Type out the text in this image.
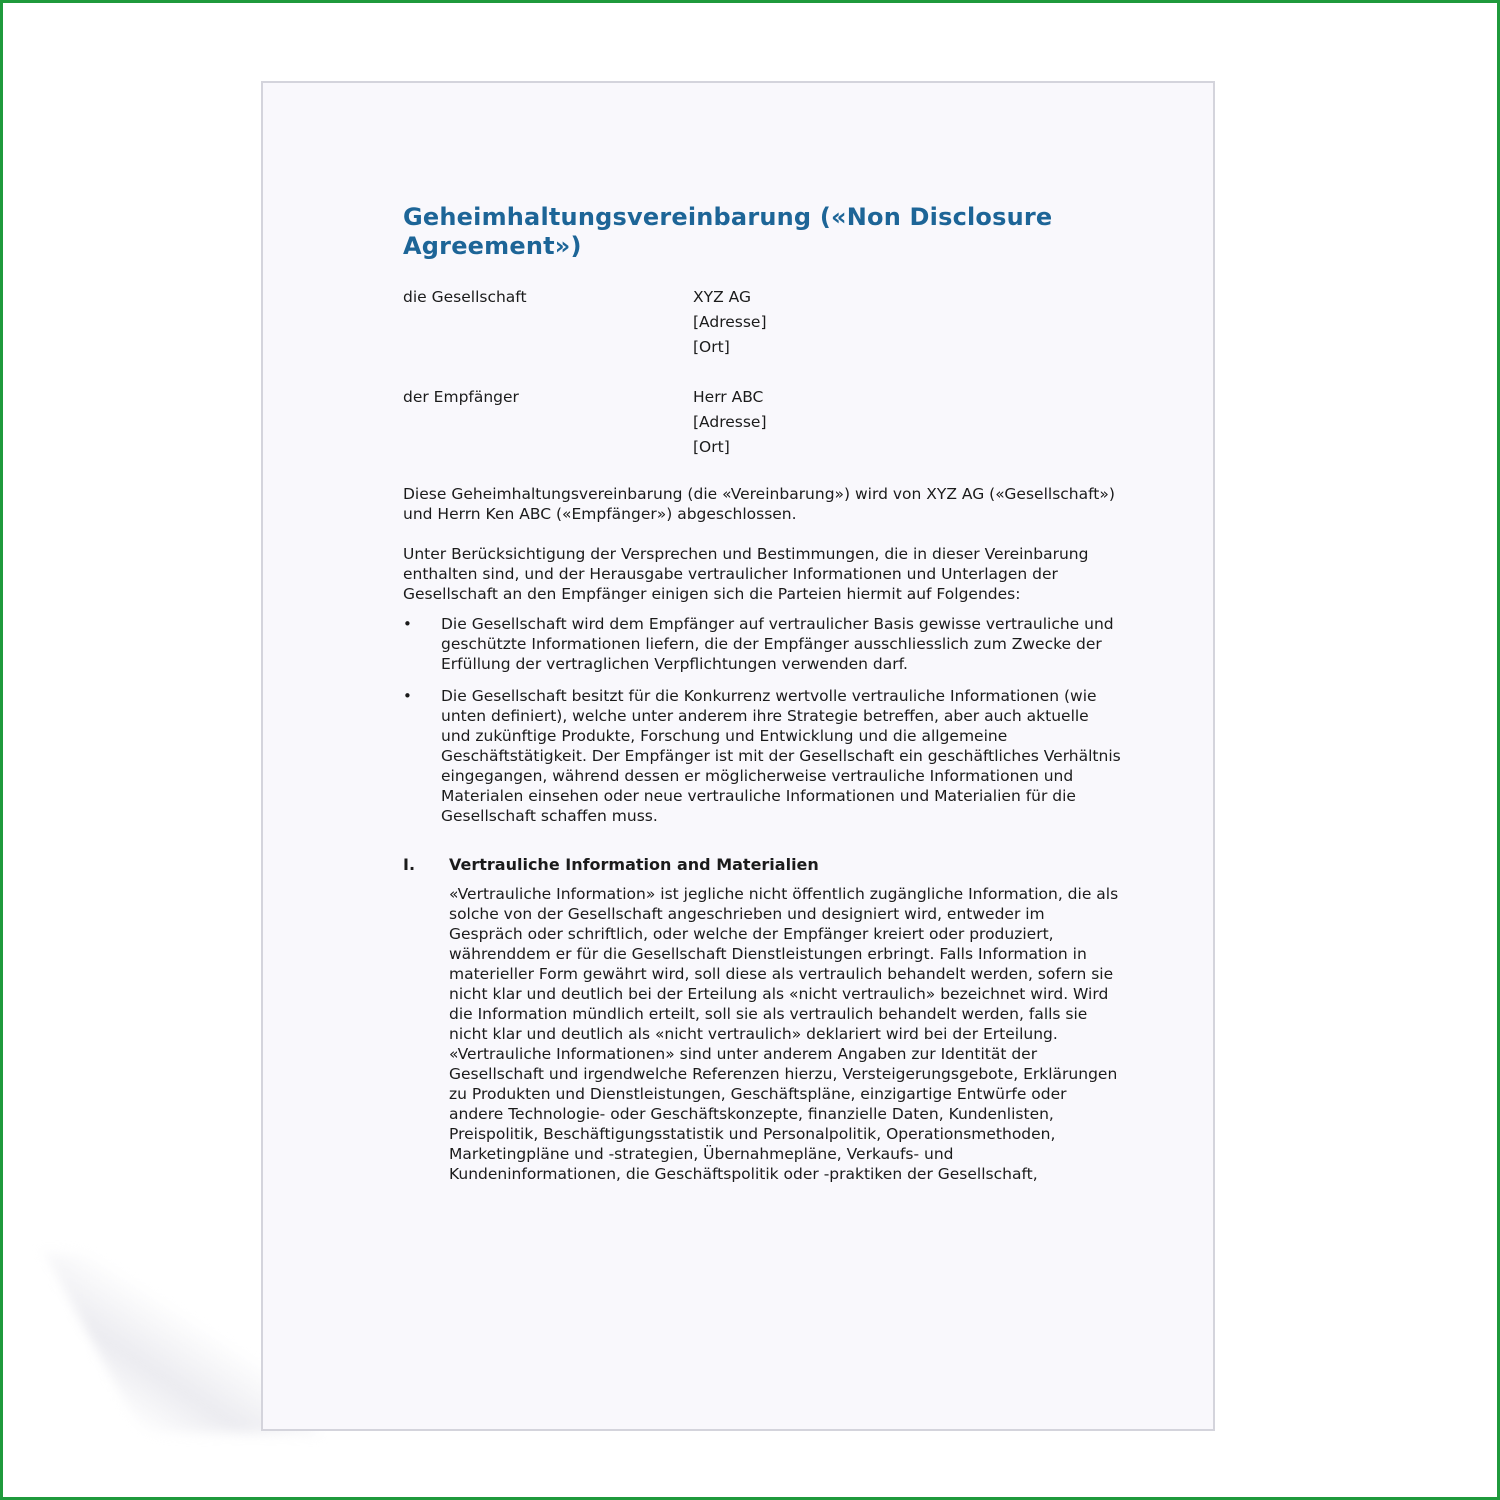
Geheimhaltungsvereinbarung («Non Disclosure Agreement»)
die Gesellschaft	XYZ AG
[Adresse]
[Ort]
der Empfänger	Herr ABC
[Adresse]
[Ort]

Diese Geheimhaltungsvereinbarung (die «Vereinbarung») wird von XYZ AG («Gesellschaft») und Herrn Ken ABC («Empfänger») abgeschlossen.

Unter Berücksichtigung der Versprechen und Bestimmungen, die in dieser Vereinbarung enthalten sind, und der Herausgabe vertraulicher Informationen und Unterlagen der Gesellschaft an den Empfänger einigen sich die Parteien hiermit auf Folgendes:

• Die Gesellschaft wird dem Empfänger auf vertraulicher Basis gewisse vertrauliche und geschützte Informationen liefern, die der Empfänger ausschliesslich zum Zwecke der Erfüllung der vertraglichen Verpflichtungen verwenden darf.
• Die Gesellschaft besitzt für die Konkurrenz wertvolle vertrauliche Informationen (wie unten definiert), welche unter anderem ihre Strategie betreffen, aber auch aktuelle und zukünftige Produkte, Forschung und Entwicklung und die allgemeine Geschäftstätigkeit. Der Empfänger ist mit der Gesellschaft ein geschäftliches Verhältnis eingegangen, während dessen er möglicherweise vertrauliche Informationen und Materialen einsehen oder neue vertrauliche Informationen und Materialien für die Gesellschaft schaffen muss.
I.	Vertrauliche Information and Materialien
«Vertrauliche Information» ist jegliche nicht öffentlich zugängliche Information, die als solche von der Gesellschaft angeschrieben und designiert wird, entweder im Gespräch oder schriftlich, oder welche der Empfänger kreiert oder produziert, währenddem er für die Gesellschaft Dienstleistungen erbringt. Falls Information in materieller Form gewährt wird, soll diese als vertraulich behandelt werden, sofern sie nicht klar und deutlich bei der Erteilung als «nicht vertraulich» bezeichnet wird. Wird die Information mündlich erteilt, soll sie als vertraulich behandelt werden, falls sie nicht klar und deutlich als «nicht vertraulich» deklariert wird bei der Erteilung. «Vertrauliche Informationen» sind unter anderem Angaben zur Identität der Gesellschaft und irgendwelche Referenzen hierzu, Versteigerungsgebote, Erklärungen zu Produkten und Dienstleistungen, Geschäftspläne, einzigartige Entwürfe oder andere Technologie- oder Geschäftskonzepte, finanzielle Daten, Kundenlisten, Preispolitik, Beschäftigungsstatistik und Personalpolitik, Operationsmethoden, Marketingpläne und -strategien, Übernahmepläne, Verkaufs- und Kundeninformationen, die Geschäftspolitik oder -praktiken der Gesellschaft,
